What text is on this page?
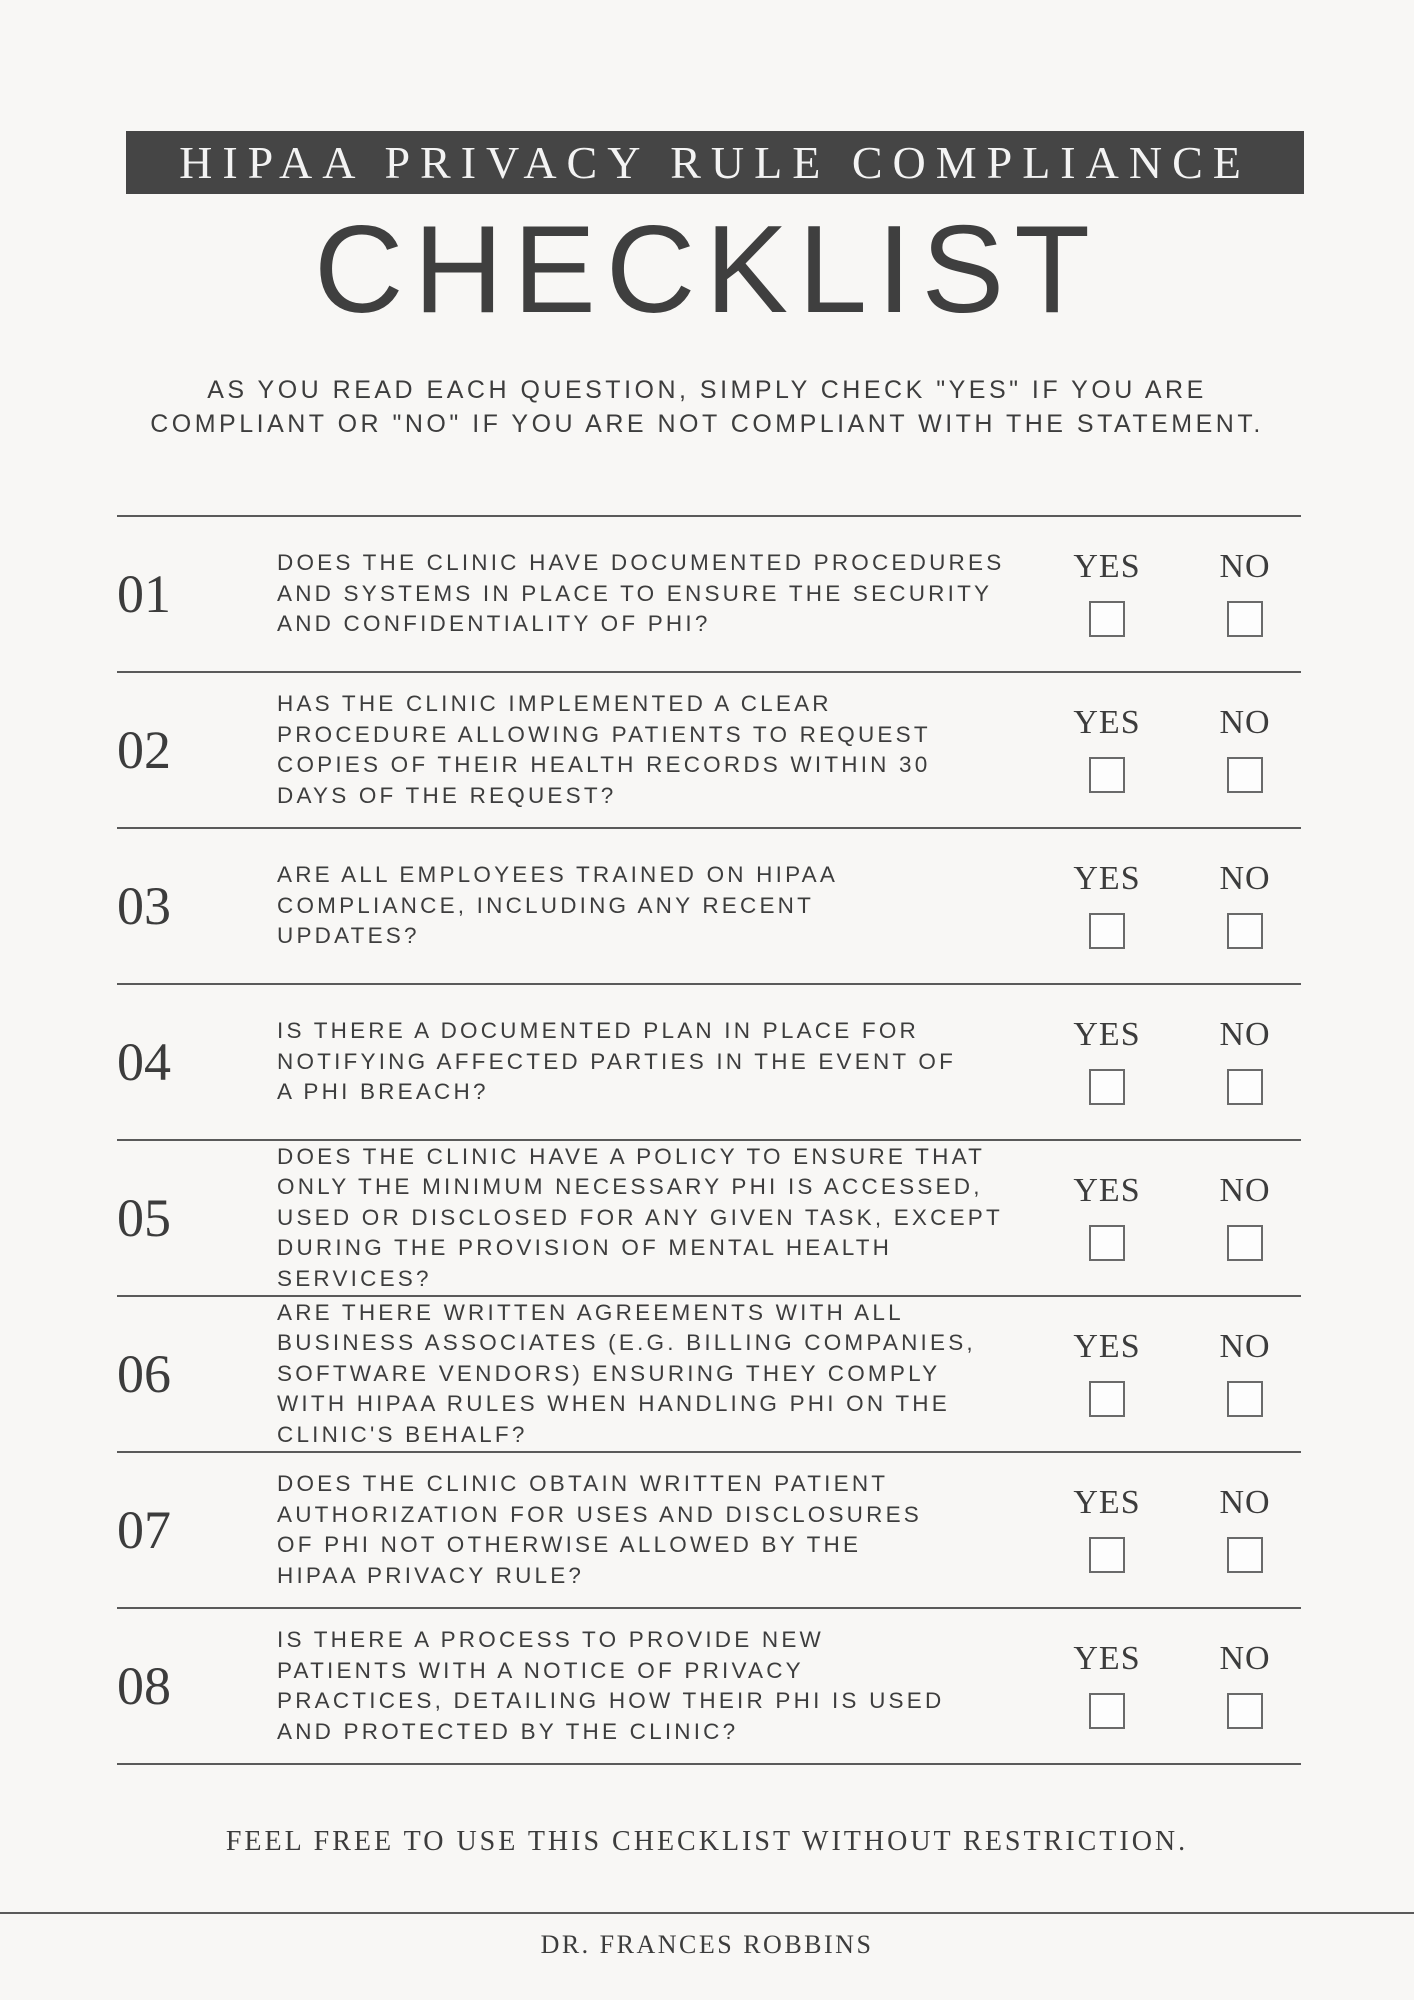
HIPAA PRIVACY RULE COMPLIANCE
CHECKLIST
AS YOU READ EACH QUESTION, SIMPLY CHECK "YES" IF YOU ARE
COMPLIANT OR "NO" IF YOU ARE NOT COMPLIANT WITH THE STATEMENT.
01
DOES THE CLINIC HAVE DOCUMENTED PROCEDURES
AND SYSTEMS IN PLACE TO ENSURE THE SECURITY
AND CONFIDENTIALITY OF PHI?
YES	NO
02
HAS THE CLINIC IMPLEMENTED A CLEAR
PROCEDURE ALLOWING PATIENTS TO REQUEST
COPIES OF THEIR HEALTH RECORDS WITHIN 30
DAYS OF THE REQUEST?
YES	NO
03
ARE ALL EMPLOYEES TRAINED ON HIPAA
COMPLIANCE, INCLUDING ANY RECENT
UPDATES?
YES	NO
04
IS THERE A DOCUMENTED PLAN IN PLACE FOR
NOTIFYING AFFECTED PARTIES IN THE EVENT OF
A PHI BREACH?
YES	NO
05
DOES THE CLINIC HAVE A POLICY TO ENSURE THAT
ONLY THE MINIMUM NECESSARY PHI IS ACCESSED,
USED OR DISCLOSED FOR ANY GIVEN TASK, EXCEPT
DURING THE PROVISION OF MENTAL HEALTH
SERVICES?
YES	NO
06
ARE THERE WRITTEN AGREEMENTS WITH ALL
BUSINESS ASSOCIATES (E.G. BILLING COMPANIES,
SOFTWARE VENDORS) ENSURING THEY COMPLY
WITH HIPAA RULES WHEN HANDLING PHI ON THE
CLINIC'S BEHALF?
YES	NO
07
DOES THE CLINIC OBTAIN WRITTEN PATIENT
AUTHORIZATION FOR USES AND DISCLOSURES
OF PHI NOT OTHERWISE ALLOWED BY THE
HIPAA PRIVACY RULE?
YES	NO
08
IS THERE A PROCESS TO PROVIDE NEW
PATIENTS WITH A NOTICE OF PRIVACY
PRACTICES, DETAILING HOW THEIR PHI IS USED
AND PROTECTED BY THE CLINIC?
YES	NO
FEEL FREE TO USE THIS CHECKLIST WITHOUT RESTRICTION.
DR. FRANCES ROBBINS
